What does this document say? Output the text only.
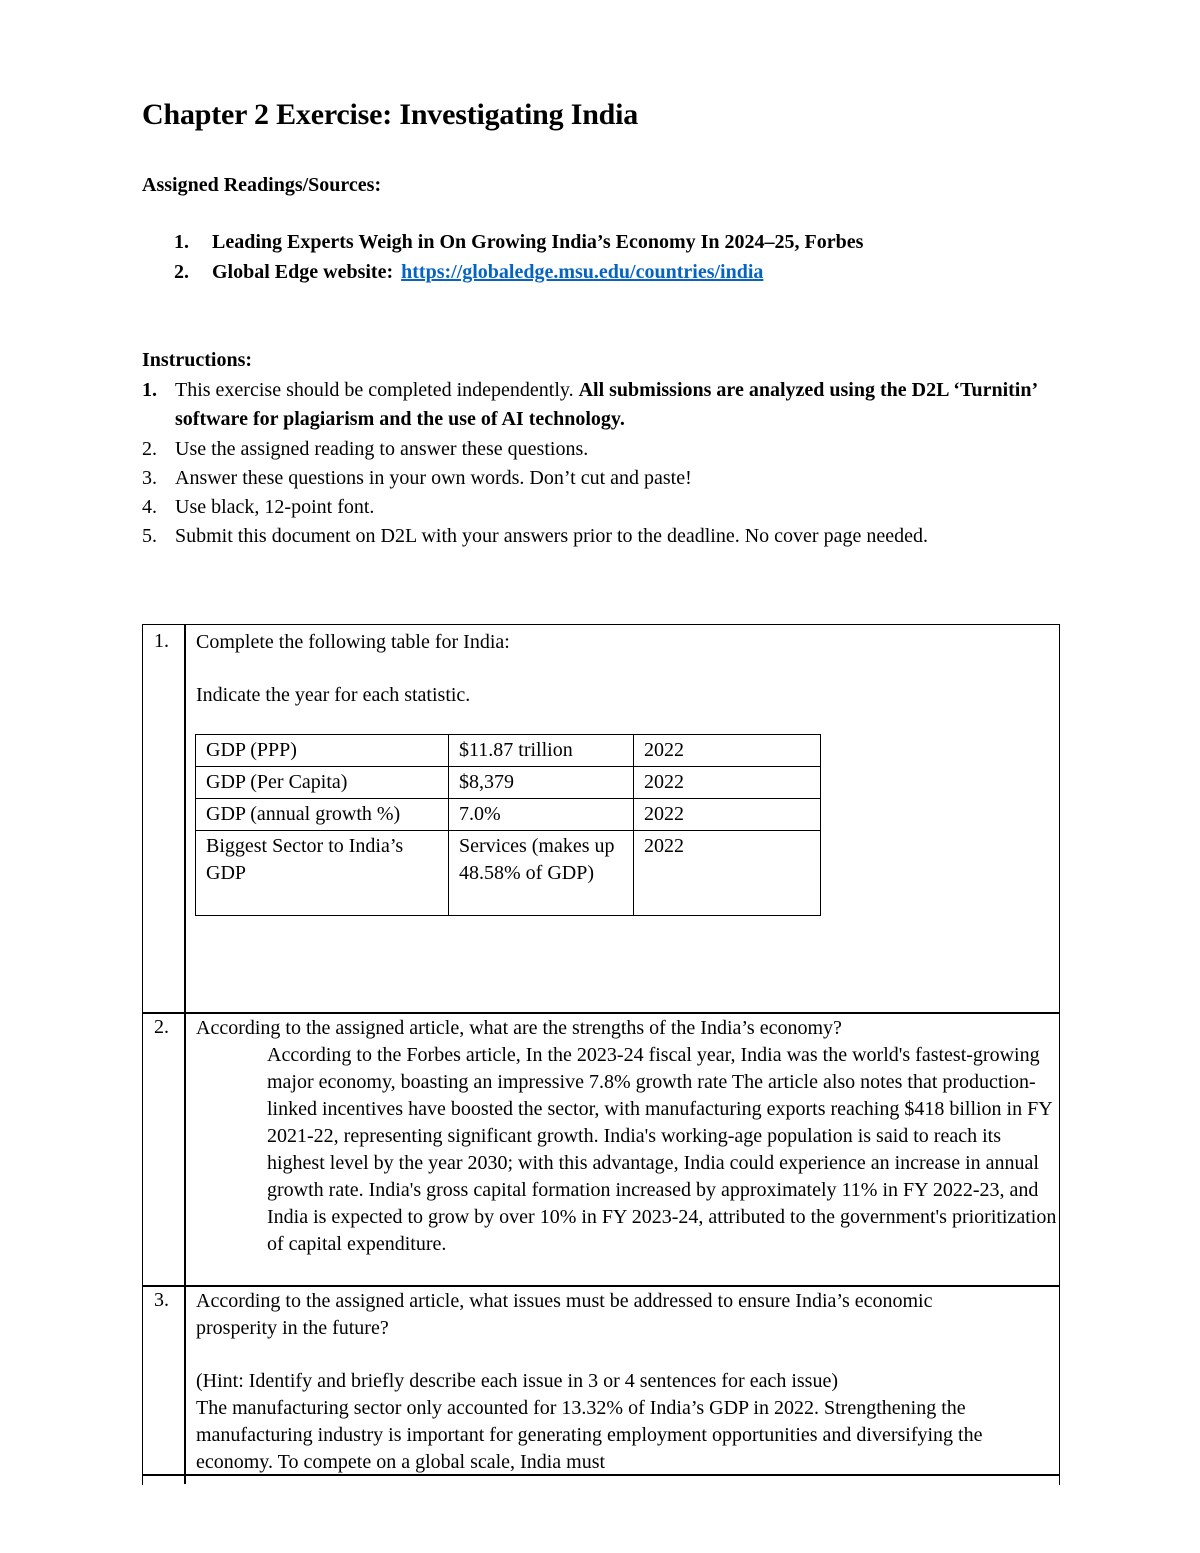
Chapter 2 Exercise: Investigating India

Assigned Readings/Sources:

1. Leading Experts Weigh in On Growing India’s Economy In 2024–25, Forbes
2. Global Edge website: https://globaledge.msu.edu/countries/india

Instructions:

1. This exercise should be completed independently. All submissions are analyzed using the D2L ‘Turnitin’ software for plagiarism and the use of AI technology.
2. Use the assigned reading to answer these questions.
3. Answer these questions in your own words. Don’t cut and paste!
4. Use black, 12-point font.
5. Submit this document on D2L with your answers prior to the deadline. No cover page needed.
1. Complete the following table for India:
Indicate the year for each statistic.
GDP (PPP)	$11.87 trillion	2022
GDP (Per Capita)	$8,379	2022
GDP (annual growth %)	7.0%	2022
Biggest Sector to India’s GDP	Services (makes up 48.58% of GDP)	2022
2. According to the assigned article, what are the strengths of the India’s economy?
According to the Forbes article, In the 2023-24 fiscal year, India was the world's fastest-growing major economy, boasting an impressive 7.8% growth rate The article also notes that production-linked incentives have boosted the sector, with manufacturing exports reaching $418 billion in FY 2021-22, representing significant growth. India's working-age population is said to reach its highest level by the year 2030; with this advantage, India could experience an increase in annual growth rate. India's gross capital formation increased by approximately 11% in FY 2022-23, and India is expected to grow by over 10% in FY 2023-24, attributed to the government's prioritization of capital expenditure.
3. According to the assigned article, what issues must be addressed to ensure India’s economic prosperity in the future?
(Hint: Identify and briefly describe each issue in 3 or 4 sentences for each issue)
The manufacturing sector only accounted for 13.32% of India’s GDP in 2022. Strengthening the manufacturing industry is important for generating employment opportunities and diversifying the economy. To compete on a global scale, India must
